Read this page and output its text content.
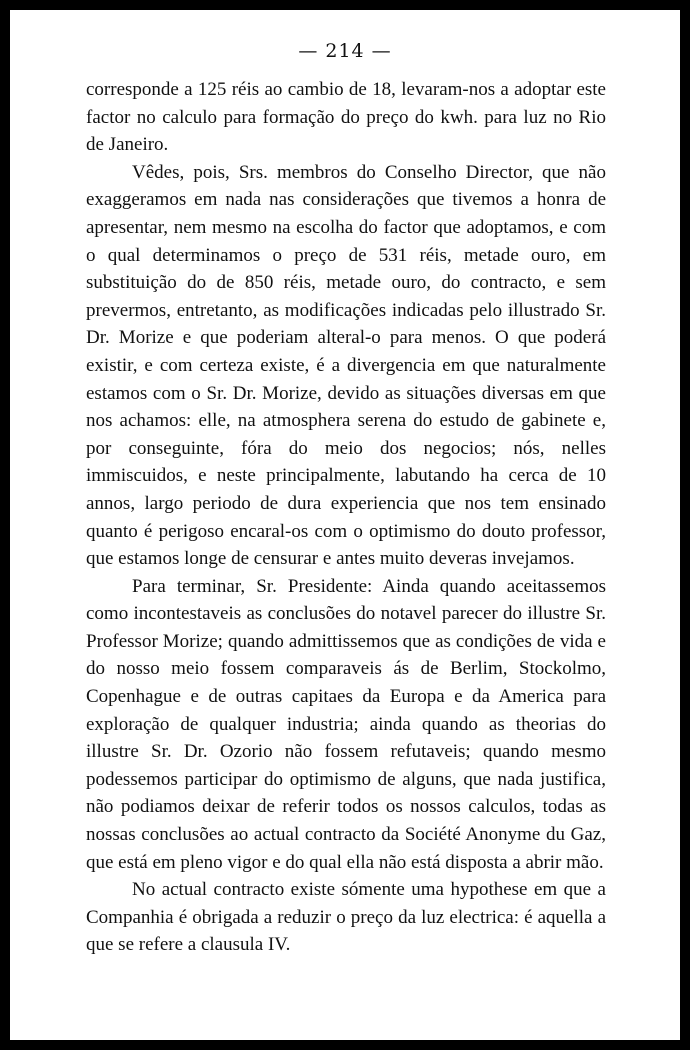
— 214 —

corresponde a 125 réis ao cambio de 18, levaram-nos a adoptar este factor no calculo para formação do preço do kwh. para luz no Rio de Janeiro.

Vêdes, pois, Srs. membros do Conselho Director, que não exaggeramos em nada nas considerações que tivemos a honra de apresentar, nem mesmo na escolha do factor que adoptamos, e com o qual determinamos o preço de 531 réis, metade ouro, em substituição do de 850 réis, metade ouro, do contracto, e sem prevermos, entretanto, as modificações indicadas pelo illustrado Sr. Dr. Morize e que poderiam alteral-o para menos. O que poderá existir, e com certeza existe, é a divergencia em que naturalmente estamos com o Sr. Dr. Morize, devido as situações diversas em que nos achamos: elle, na atmosphera serena do estudo de gabinete e, por conseguinte, fóra do meio dos negocios; nós, nelles immiscuidos, e neste principalmente, labutando ha cerca de 10 annos, largo periodo de dura experiencia que nos tem ensinado quanto é perigoso encaral-os com o optimismo do douto professor, que estamos longe de censurar e antes muito deveras invejamos.

Para terminar, Sr. Presidente: Ainda quando aceitassemos como incontestaveis as conclusões do notavel parecer do illustre Sr. Professor Morize; quando admittissemos que as condições de vida e do nosso meio fossem comparaveis ás de Berlim, Stockolmo, Copenhague e de outras capitaes da Europa e da America para exploração de qualquer industria; ainda quando as theorias do illustre Sr. Dr. Ozorio não fossem refutaveis; quando mesmo podessemos participar do optimismo de alguns, que nada justifica, não podiamos deixar de referir todos os nossos calculos, todas as nossas conclusões ao actual contracto da Société Anonyme du Gaz, que está em pleno vigor e do qual ella não está disposta a abrir mão.

No actual contracto existe sómente uma hypothese em que a Companhia é obrigada a reduzir o preço da luz electrica: é aquella a que se refere a clausula IV.
